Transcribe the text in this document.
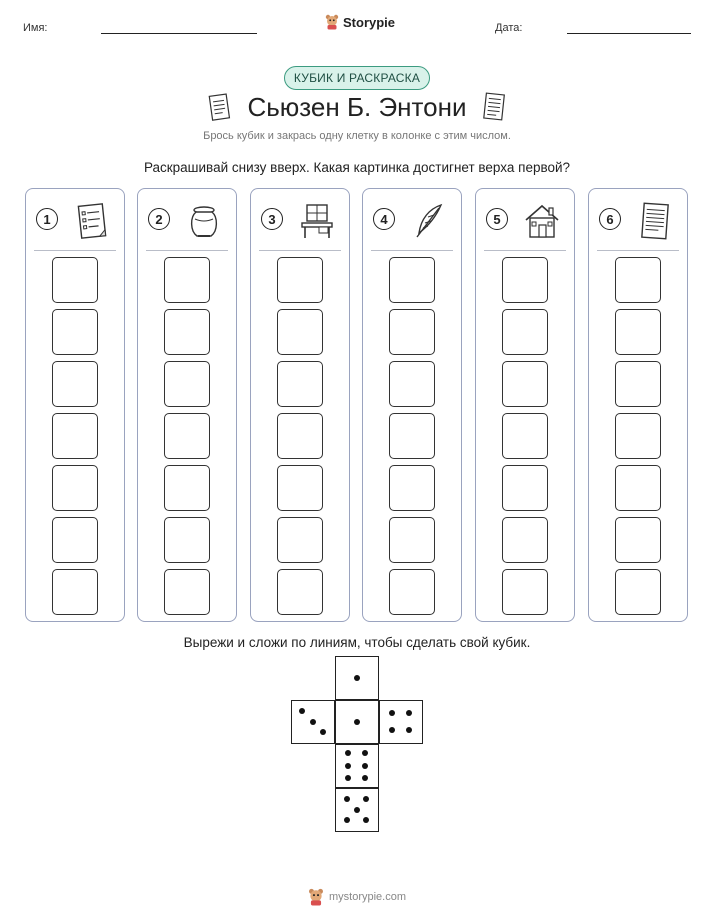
Имя:	Storypie	Дата:
КУБИК И РАСКРАСКА
Сьюзен Б. Энтони
Брось кубик и закрась одну клетку в колонке с этим числом.
Раскрашивай снизу вверх. Какая картинка достигнет верха первой?
1	2	3	4	5	6
Вырежи и сложи по линиям, чтобы сделать свой кубик.
mystorypie.com
